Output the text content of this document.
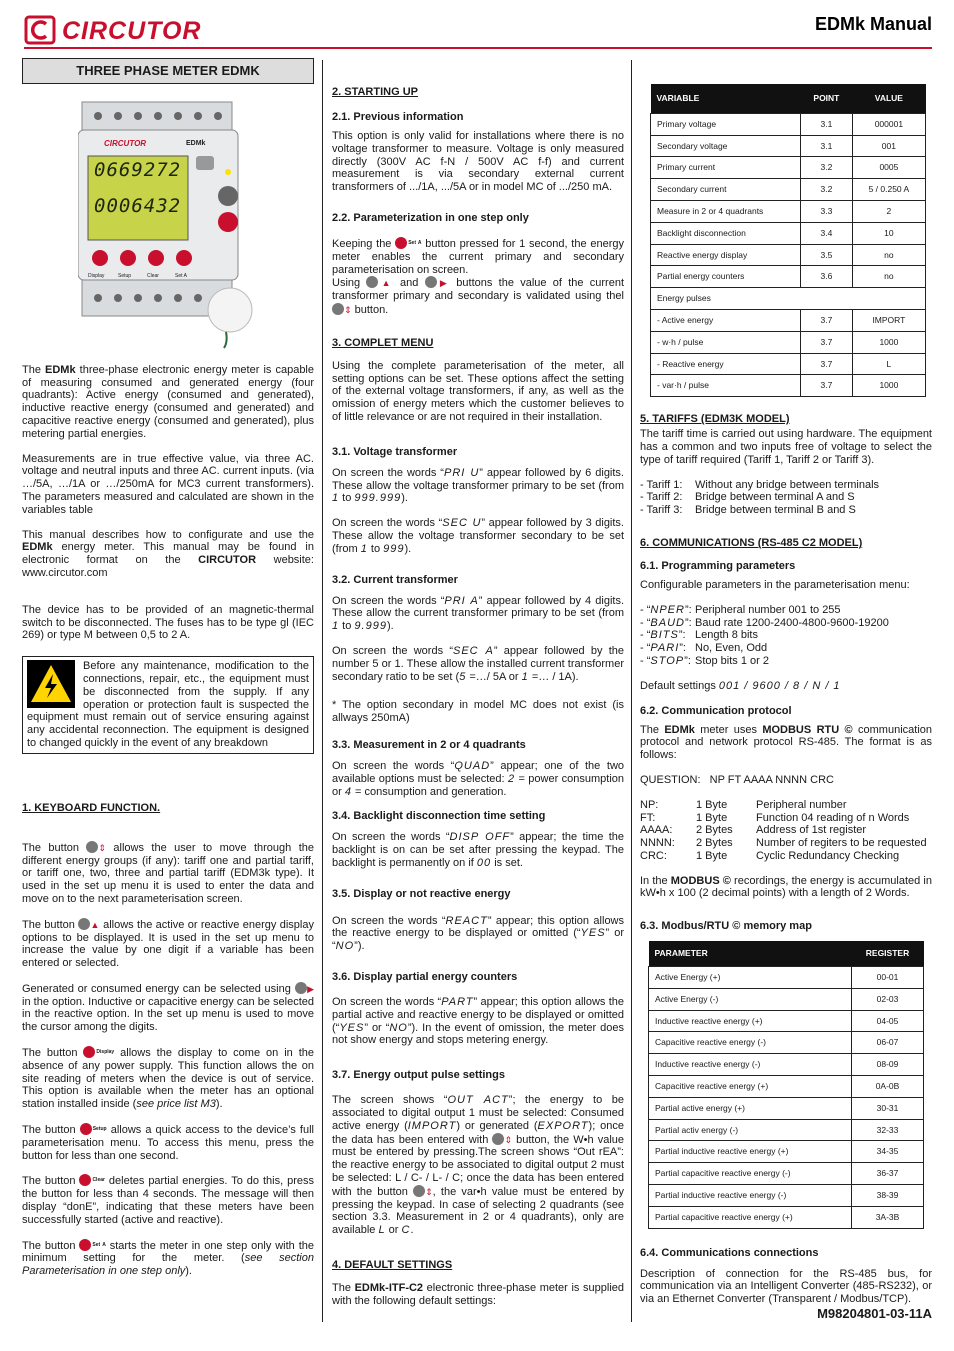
CIRCUTOR	EDMk Manual
THREE PHASE METER EDMK
CIRCUTOR	EDMk
0669272
0006432
Display	Setup	Clear	Set A

The EDMk three-phase electronic energy meter is capable of measuring consumed and generated energy (four quadrants): Active energy (consumed and generated), inductive reactive energy (consumed and generated) and capacitive reactive energy (consumed and generated), plus metering partial energies.

Measurements are in true effective value, via three AC. voltage and neutral inputs and three AC. current inputs. (via …/5A, …/1A or …/250mA for MC3 current transformers). The parameters measured and calculated are shown in the variables table

This manual describes how to configurate and use the EDMk energy meter. This manual may be found in electronic format on the CIRCUTOR website: www.circutor.com

The device has to be provided of an magnetic-thermal switch to be disconnected. The fuses has to be type gl (IEC 269) or type M between 0,5 to 2 A.

Before any maintenance, modification to the connections, repair, etc., the equipment must be disconnected from the supply. If any operation or protection fault is suspected the equipment must remain out of service ensuring against any accidental reconnection. The equipment is designed to changed quickly in the event of any breakdown
1. KEYBOARD FUNCTION.

The button ⇕ allows the user to move through the different energy groups (if any): tariff one and partial tariff, or tariff one, two, three and partial tariff (EDM3k type). It used in the set up menu it is used to enter the data and move on to the next parameterisation screen.

The button ▲ allows the active or reactive energy display options to be displayed. It is used in the set up menu to increase the value by one digit if a variable has been entered or selected.

Generated or consumed energy can be selected using ▶ in the option. Inductive or capacitive energy can be selected in the reactive option. In the set up menu is used to move the cursor among the digits.

The button	$^{Display}$ allows the display to come on in the absence of any power supply. This function allows the on site reading of meters when the device is out of service. This option is available when the meter has an optional station installed inside (see price list M3).

The button	$^{Setup}$ allows a quick access to the device’s full parameterisation menu. To access this menu, press the button for less than one second.

The button	$^{Clear}$ deletes partial energies. To do this, press the button for less than 4 seconds. The message will then display “donE”, indicating that these meters have been successfully started (active and reactive).

The button	$^{Set A}$ starts the meter in one step only with the minimum setting for the meter. (see section Parameterisation in one step only).

2. STARTING UP
2.1. Previous information

This option is only valid for installations where there is no voltage transformer to measure. Voltage is only measured directly (300V AC f-N / 500V AC f-f) and current measurement is via secondary external current transformers of .../1A, .../5A or in model MC of .../250 mA.

2.2. Parameterization in one step only

Keeping the	$^{Set A}$ button pressed for 1 second, the energy meter enables the current primary and secondary parameterisation on screen.

Using ▲ and ▶ buttons the value of the current transformer primary and secondary is validated using thel ⇕ button.

3. COMPLET MENU

Using the complete parameterisation of the meter, all setting options can be set. These options affect the setting of the external voltage transformers, if any, as well as the omission of energy meters which the customer believes to of little relevance or are not required in their installation.

3.1. Voltage transformer

On screen the words “PRI U” appear followed by 6 digits. These allow the voltage transformer primary to be set (from 1 to 999.999).

On screen the words “SEC U” appear followed by 3 digits. These allow the voltage transformer secondary to be set (from 1 to 999).

3.2. Current transformer

On screen the words “PRI A” appear followed by 4 digits. These allow the current transformer primary to be set (from 1 to 9.999).

On screen the words “SEC A” appear followed by the number 5 or 1. These allow the installed current transformer secondary ratio to be set (5 =…/ 5A or 1 =… / 1A).

* The option secondary in model MC does not exist (is allways 250mA)

3.3. Measurement in 2 or 4 quadrants

On screen the words “QUAD” appear; one of the two available options must be selected: 2 = power consumption or 4 = consumption and generation.

3.4. Backlight disconnection time setting

On screen the words “DISP OFF” appear; the time the backlight is on can be set after pressing the keypad. The backlight is permanently on if 00 is set.

3.5. Display or not reactive energy

On screen the words “REACT” appear; this option allows the reactive energy to be displayed or omitted (“YES” or “NO”).

3.6. Display partial energy counters

On screen the words “PART” appear; this option allows the partial active and reactive energy to be displayed or omitted (“YES” or “NO”). In the event of omission, the meter does not show energy and stops metering energy.

3.7. Energy output pulse settings

The screen shows “OUT ACT”; the energy to be associated to digital output 1 must be selected: Consumed active energy (IMPORT) or generated (EXPORT); once the data has been entered with ⇕ button, the W•h value must be entered by pressing.The screen shows “Out rEA”: the reactive energy to be associated to digital output 2 must be selected: L / C- / L- / C; once the data has been entered with the button ⇕, the var•h value must be entered by pressing the keypad. In case of selecting 2 quadrants (see section 3.3. Measurement in 2 or 4 quadrants), only are available L or C.

4. DEFAULT SETTINGS

The EDMk-ITF-C2 electronic three-phase meter is supplied with the following default settings:

VARIABLE	POINT	VALUE
Primary voltage	3.1	000001
Secondary voltage	3.1	001
Primary current	3.2	0005
Secondary current	3.2	5 / 0.250 A
Measure in 2 or 4 quadrants	3.3	2
Backlight disconnection	3.4	10
Reactive energy display	3.5	no
Partial energy counters	3.6	no
Energy pulses		
- Active energy	3.7	IMPORT
- w·h / pulse	3.7	1000
- Reactive energy	3.7	L
- var·h / pulse	3.7	1000
5. TARIFFS (EDM3K MODEL)

The tariff time is carried out using hardware. The equipment has a common and two inputs free of voltage to select the type of tariff required (Tariff 1, Tariff 2 or Tariff 3).

- Tariff 1: Without any bridge between terminals
- Tariff 2: Bridge between terminal A and S
- Tariff 3: Bridge between terminal B and S
6. COMMUNICATIONS (RS-485 C2 MODEL)
6.1. Programming parameters

Configurable parameters in the parameterisation menu:

- “NPER”: Peripheral number 001 to 255
- “BAUD”: Baud rate 1200-2400-4800-9600-19200
- “BITS”: Length 8 bits
- “PARI”: No, Even, Odd
- “STOP”: Stop bits 1 or 2

Default settings 001 / 9600 / 8 / N / 1

6.2. Communication protocol

The EDMk meter uses MODBUS RTU © communication protocol and network protocol RS-485. The format is as follows:

QUESTION:   NP FT AAAA NNNN CRC

NP:	1 Byte	Peripheral number
FT:	1 Byte	Function 04 reading of n Words
AAAA:	2 Bytes	Address of 1st register
NNNN:	2 Bytes	Number of regiters to be requested
CRC:	1 Byte	Cyclic Redundancy Checking

In the MODBUS © recordings, the energy is accumulated in kW•h x 100 (2 decimal points) with a length of 2 Words.

6.3. Modbus/RTU © memory map
PARAMETER	REGISTER
Active Energy (+)	00-01
Active Energy (-)	02-03
Inductive reactive energy (+)	04-05
Capacitive reactive energy (-)	06-07
Inductive reactive energy (-)	08-09
Capacitive reactive energy (+)	0A-0B
Partial active energy (+)	30-31
Partial activ energy (-)	32-33
Partial inductive reactive energy (+)	34-35
Partial capacitive reactive energy (-)	36-37
Partial inductive reactive energy (-)	38-39
Partial capacitive reactive energy (+)	3A-3B
6.4. Communications connections

Description of connection for the RS-485 bus, for communication via an Intelligent Converter (485-RS232), or via an Ethernet Converter (Transparent / Modbus/TCP).

M98204801-03-11A
